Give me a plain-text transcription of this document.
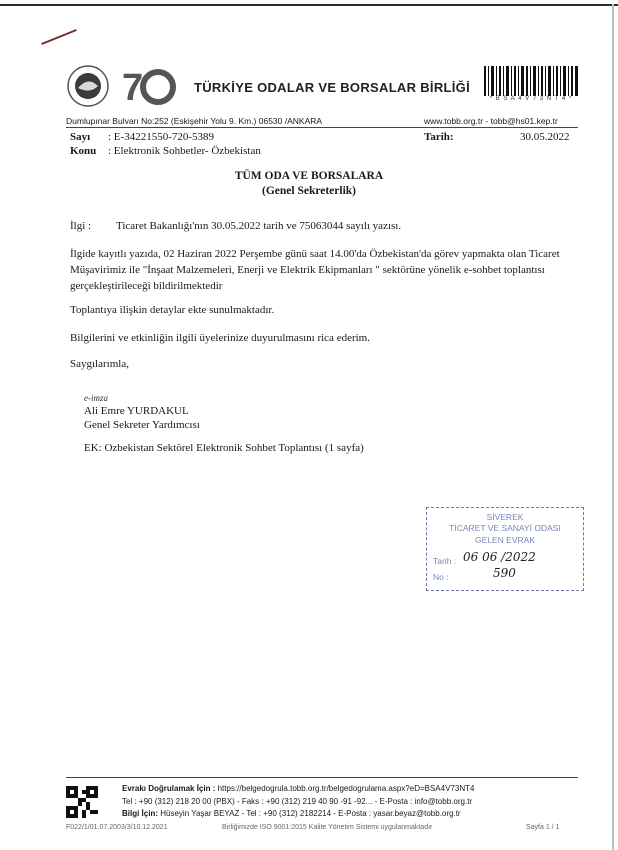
7 YIL TÜRKİYE ODALAR VE BORSALAR BİRLİĞİ
* B S A 4 V 7 3 N T 4 *
Dumlupınar Bulvarı No:252 (Eskişehir Yolu 9. Km.) 06530 /ANKARA	www.tobb.org.tr - tobb@hs01.kep.tr
Sayı : E-34221550-720-5389	Tarih:	30.05.2022
Konu : Elektronik Sohbetler- Özbekistan
TÜM ODA VE BORSALARA
(Genel Sekreterlik)
İlgi : Ticaret Bakanlığı'nın 30.05.2022 tarih ve 75063044 sayılı yazısı.
İlgide kayıtlı yazıda, 02 Haziran 2022 Perşembe günü saat 14.00'da Özbekistan'da görev yapmakta olan Ticaret Müşavirimiz ile "İnşaat Malzemeleri, Enerji ve Elektrik Ekipmanları " sektörüne yönelik e-sohbet toplantısı gerçekleştirileceği bildirilmektedir
Toplantıya ilişkin detaylar ekte sunulmaktadır.
Bilgilerini ve etkinliğin ilgili üyelerinize duyurulmasını rica ederim.
Saygılarımla,
e-imza
Ali Emre YURDAKUL
Genel Sekreter Yardımcısı
EK: Ozbekistan Sektörel Elektronik Sohbet Toplantısı (1 sayfa)
SİVEREK
TİCARET VE SANAYİ ODASI
GELEN EVRAK
Tarih : 06 06 /2022
No :	590
Evrakı Doğrulamak İçin : https://belgedogrula.tobb.org.tr/belgedogrulama.aspx?eD=BSA4V73NT4
Tel : +90 (312) 218 20 00 (PBX) - Faks : +90 (312) 219 40 90 -91 -92... - E-Posta : info@tobb.org.tr
Bilgi İçin: Hüseyin Yaşar BEYAZ - Tel : +90 (312) 2182214 - E-Posta : yasar.beyaz@tobb.org.tr
F022/1/01.07.2003/3/10.12.2021	Birliğimizde ISO 9001:2015 Kalite Yönetim Sistemi uygulanmaktadır	Sayfa 1 / 1
